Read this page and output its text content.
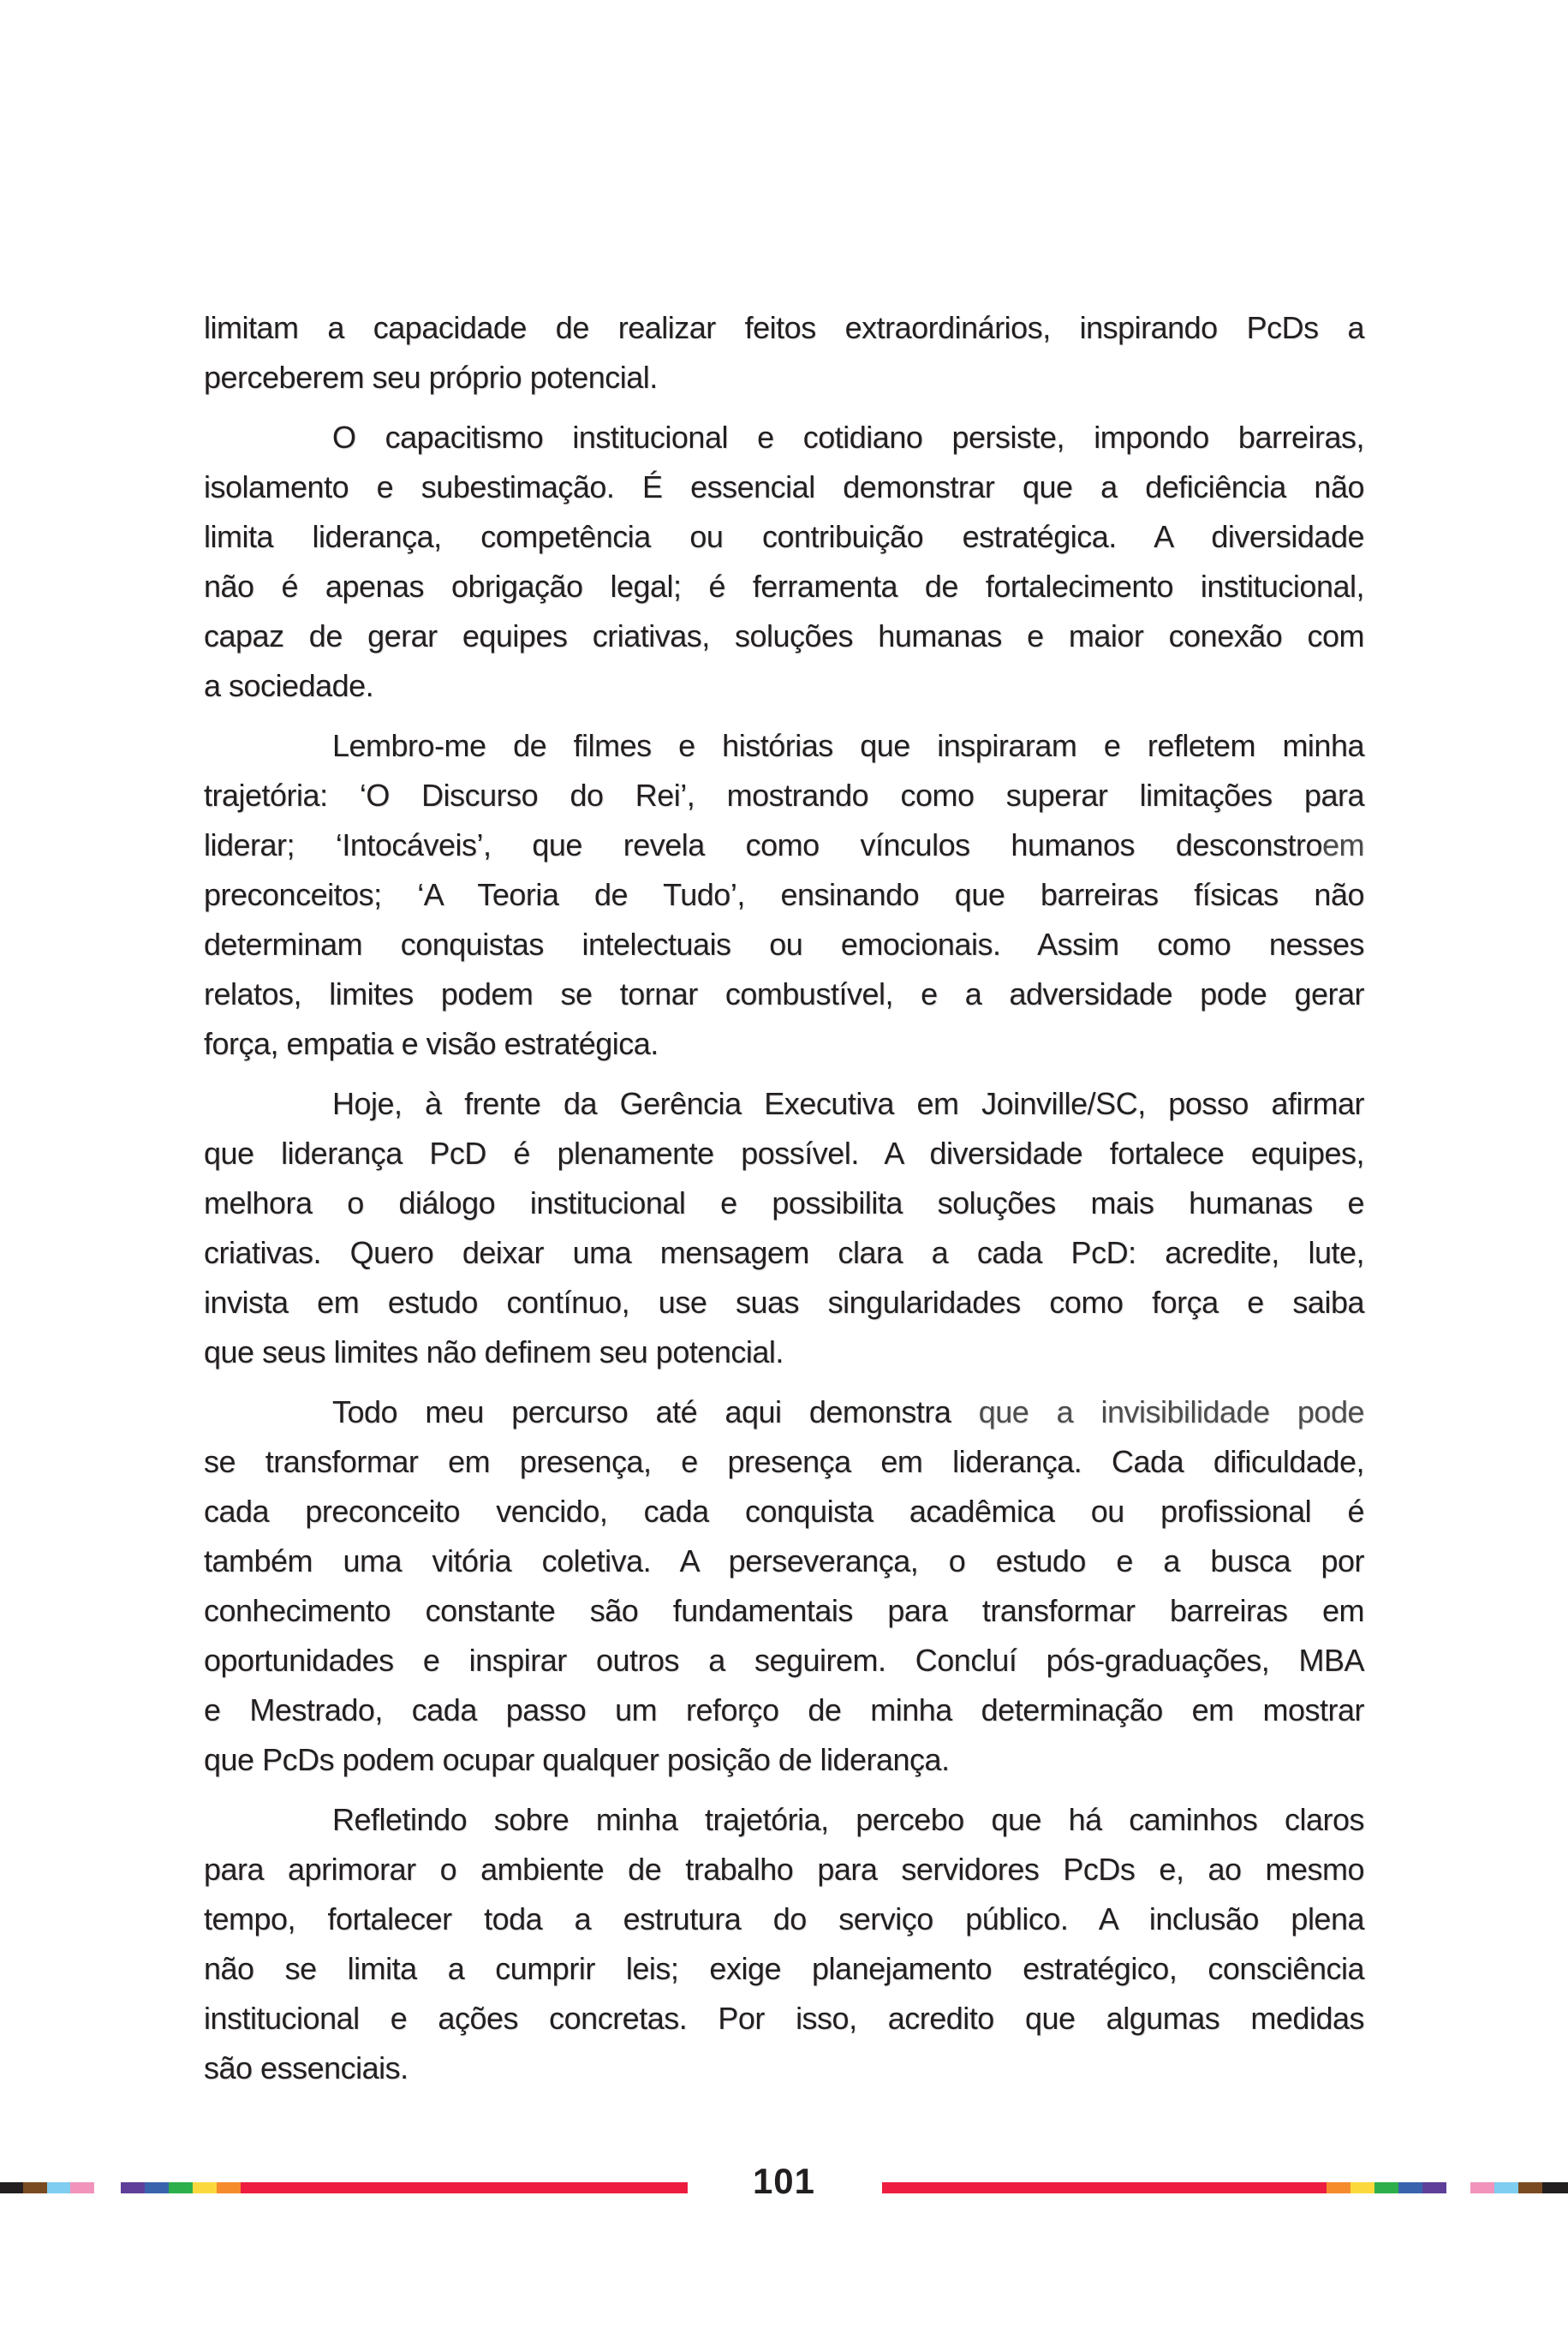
limitam a capacidade de realizar feitos extraordinários, inspirando PcDs a
perceberem seu próprio potencial.
O capacitismo institucional e cotidiano persiste, impondo barreiras,
isolamento e subestimação. É essencial demonstrar que a deficiência não
limita liderança, competência ou contribuição estratégica. A diversidade
não é apenas obrigação legal; é ferramenta de fortalecimento institucional,
capaz de gerar equipes criativas, soluções humanas e maior conexão com
a sociedade.
Lembro-me de filmes e histórias que inspiraram e refletem minha
trajetória: ‘O Discurso do Rei’, mostrando como superar limitações para
liderar; ‘Intocáveis’, que revela como vínculos humanos desconstroem
preconceitos; ‘A Teoria de Tudo’, ensinando que barreiras físicas não
determinam conquistas intelectuais ou emocionais. Assim como nesses
relatos, limites podem se tornar combustível, e a adversidade pode gerar
força, empatia e visão estratégica.
Hoje, à frente da Gerência Executiva em Joinville/SC, posso afirmar
que liderança PcD é plenamente possível. A diversidade fortalece equipes,
melhora o diálogo institucional e possibilita soluções mais humanas e
criativas. Quero deixar uma mensagem clara a cada PcD: acredite, lute,
invista em estudo contínuo, use suas singularidades como força e saiba
que seus limites não definem seu potencial.
Todo meu percurso até aqui demonstra que a invisibilidade pode
se transformar em presença, e presença em liderança. Cada dificuldade,
cada preconceito vencido, cada conquista acadêmica ou profissional é
também uma vitória coletiva. A perseverança, o estudo e a busca por
conhecimento constante são fundamentais para transformar barreiras em
oportunidades e inspirar outros a seguirem. Concluí pós-graduações, MBA
e Mestrado, cada passo um reforço de minha determinação em mostrar
que PcDs podem ocupar qualquer posição de liderança.
Refletindo sobre minha trajetória, percebo que há caminhos claros
para aprimorar o ambiente de trabalho para servidores PcDs e, ao mesmo
tempo, fortalecer toda a estrutura do serviço público. A inclusão plena
não se limita a cumprir leis; exige planejamento estratégico, consciência
institucional e ações concretas. Por isso, acredito que algumas medidas
são essenciais.
101
